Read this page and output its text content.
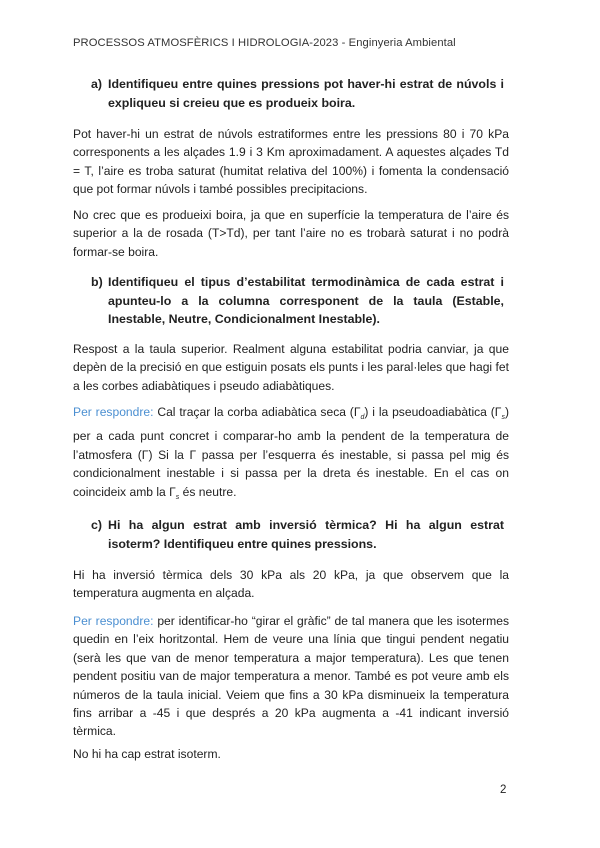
PROCESSOS ATMOSFÈRICS I HIDROLOGIA-2023 - Enginyeria Ambiental
a) Identifiqueu entre quines pressions pot haver-hi estrat de núvols i expliqueu si creieu que es produeix boira.
Pot haver-hi un estrat de núvols estratiformes entre les pressions 80 i 70 kPa corresponents a les alçades 1.9 i 3 Km aproximadament. A aquestes alçades Td = T, l’aire es troba saturat (humitat relativa del 100%) i fomenta la condensació que pot formar núvols i també possibles precipitacions.
No crec que es produeixi boira, ja que en superfície la temperatura de l’aire és superior a la de rosada (T>Td), per tant l’aire no es trobarà saturat i no podrà formar-se boira.
b) Identifiqueu el tipus d’estabilitat termodinàmica de cada estrat i apunteu-lo a la columna corresponent de la taula (Estable, Inestable, Neutre, Condicionalment Inestable).
Respost a la taula superior. Realment alguna estabilitat podria canviar, ja que depèn de la precisió en que estiguin posats els punts i les paral·leles que hagi fet a les corbes adiabàtiques i pseudo adiabàtiques.
Per respondre: Cal traçar la corba adiabàtica seca $(\Gamma_d)$ i la pseudoadiabàtica $(\Gamma_s)$ per a cada punt concret i comparar-ho amb la pendent de la temperatura de l’atmosfera (Γ) Si la Γ passa per l’esquerra és inestable, si passa pel mig és condicionalment inestable i si passa per la dreta és inestable. En el cas on coincideix amb la $\Gamma_s$ és neutre.
c) Hi ha algun estrat amb inversió tèrmica? Hi ha algun estrat isoterm? Identifiqueu entre quines pressions.
Hi ha inversió tèrmica dels 30 kPa als 20 kPa, ja que observem que la temperatura augmenta en alçada.
Per respondre: per identificar-ho “girar el gràfic” de tal manera que les isotermes quedin en l’eix horitzontal. Hem de veure una línia que tingui pendent negatiu (serà les que van de menor temperatura a major temperatura). Les que tenen pendent positiu van de major temperatura a menor. També es pot veure amb els números de la taula inicial. Veiem que fins a 30 kPa disminueix la temperatura fins arribar a -45 i que després a 20 kPa augmenta a -41 indicant inversió tèrmica.
No hi ha cap estrat isoterm.
2
